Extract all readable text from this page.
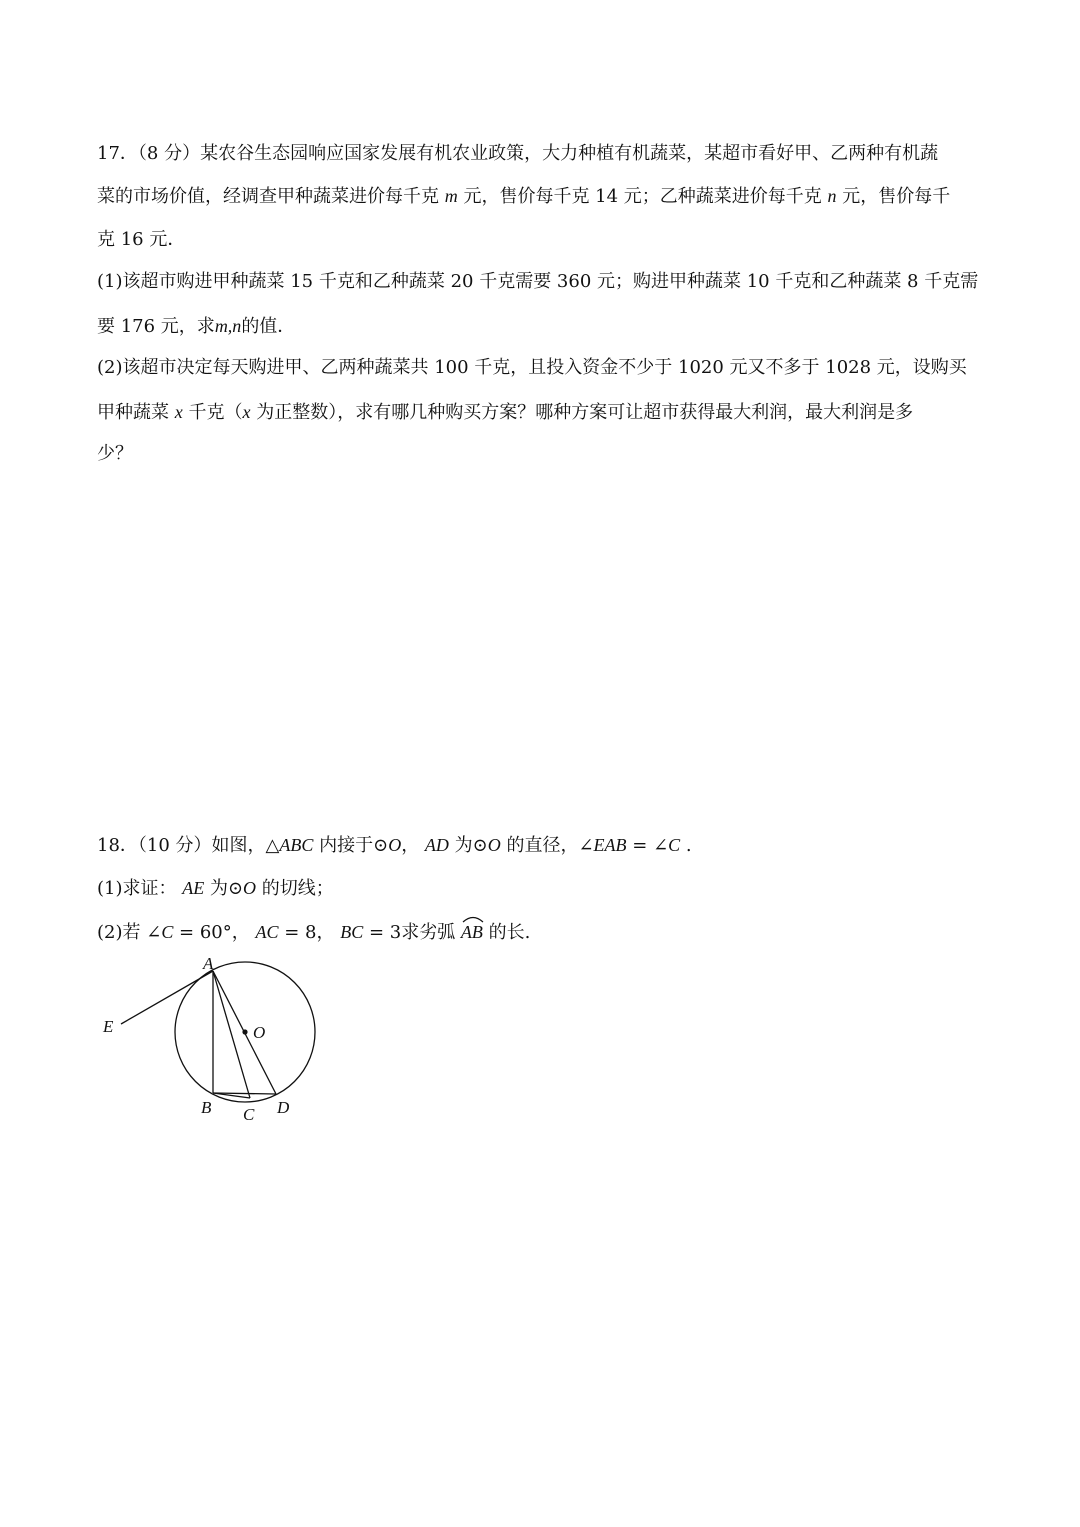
17．（8 分）某农谷生态园响应国家发展有机农业政策，大力种植有机蔬菜，某超市看好甲、乙两种有机蔬
菜的市场价值，经调查甲种蔬菜进价每千克 m 元，售价每千克 14 元；乙种蔬菜进价每千克 n 元，售价每千
克 16 元．
(1)该超市购进甲种蔬菜 15 千克和乙种蔬菜 20 千克需要 360 元；购进甲种蔬菜 10 千克和乙种蔬菜 8 千克需
要 176 元，求m,n的值．
(2)该超市决定每天购进甲、乙两种蔬菜共 100 千克，且投入资金不少于 1020 元又不多于 1028 元，设购买
甲种蔬菜 x 千克（x 为正整数），求有哪几种购买方案？哪种方案可让超市获得最大利润，最大利润是多
少？
18．（10 分）如图，△ABC 内接于⊙O， AD 为⊙O 的直径，∠EAB = ∠C .
(1)求证： AE 为⊙O 的切线；
(2)若 ∠C = 60°， AC = 8， BC = 3求劣弧
AB 的长.
A
E	O
B C D
